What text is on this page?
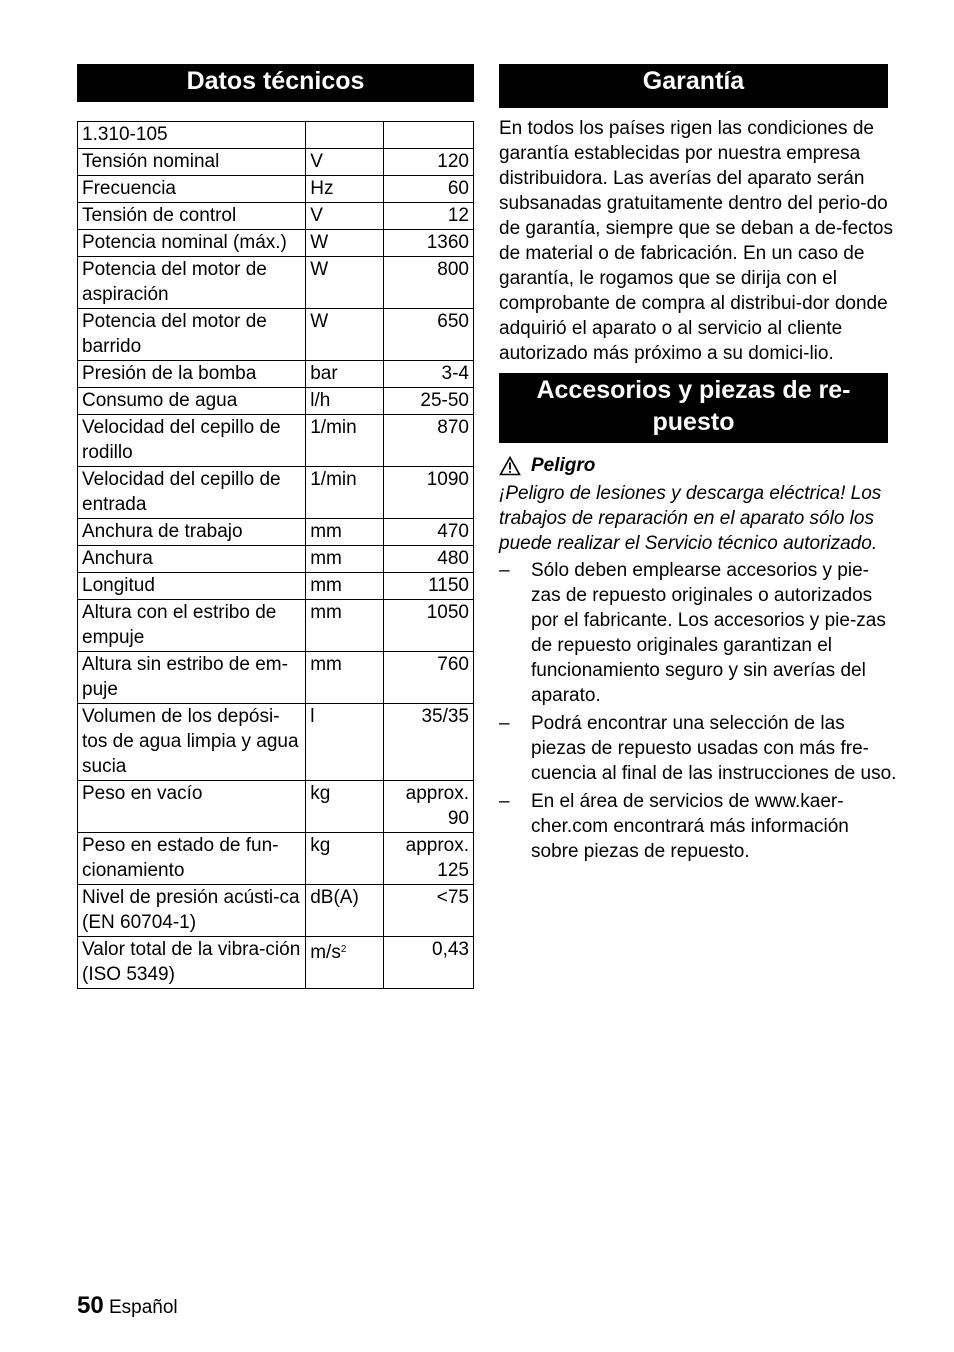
Datos técnicos
1.310-105		
Tensión nominal	V	120
Frecuencia	Hz	60
Tensión de control	V	12
Potencia nominal (máx.)	W	1360
Potencia del motor de aspiración	W	800
Potencia del motor de barrido	W	650
Presión de la bomba	bar	3-4
Consumo de agua	l/h	25-50
Velocidad del cepillo de rodillo	1/min	870
Velocidad del cepillo de entrada	1/min	1090
Anchura de trabajo	mm	470
Anchura	mm	480
Longitud	mm	1150
Altura con el estribo de empuje	mm	1050
Altura sin estribo de em-puje	mm	760
Volumen de los depósi-tos de agua limpia y agua sucia	l	35/35
Peso en vacío	kg	approx. 90
Peso en estado de fun-cionamiento	kg	approx. 125
Nivel de presión acústi-ca (EN 60704-1)	dB(A)	<75
Valor total de la vibra-ción (ISO 5349)	$m/s^2$	0,43
Garantía
En todos los países rigen las condiciones de garantía establecidas por nuestra empresa distribuidora. Las averías del aparato serán subsanadas gratuitamente dentro del perio-do de garantía, siempre que se deban a de-fectos de material o de fabricación. En un caso de garantía, le rogamos que se dirija con el comprobante de compra al distribui-dor donde adquirió el aparato o al servicio al cliente autorizado más próximo a su domici-lio.
Accesorios y piezas de re-
puesto
Peligro
¡Peligro de lesiones y descarga eléctrica! Los trabajos de reparación en el aparato sólo los puede realizar el Servicio técnico autorizado.
– Sólo deben emplearse accesorios y pie-zas de repuesto originales o autorizados por el fabricante. Los accesorios y pie-zas de repuesto originales garantizan el funcionamiento seguro y sin averías del aparato.
– Podrá encontrar una selección de las piezas de repuesto usadas con más fre-cuencia al final de las instrucciones de uso.
– En el área de servicios de www.kaer-cher.com encontrará más información sobre piezas de repuesto.
50 Español
